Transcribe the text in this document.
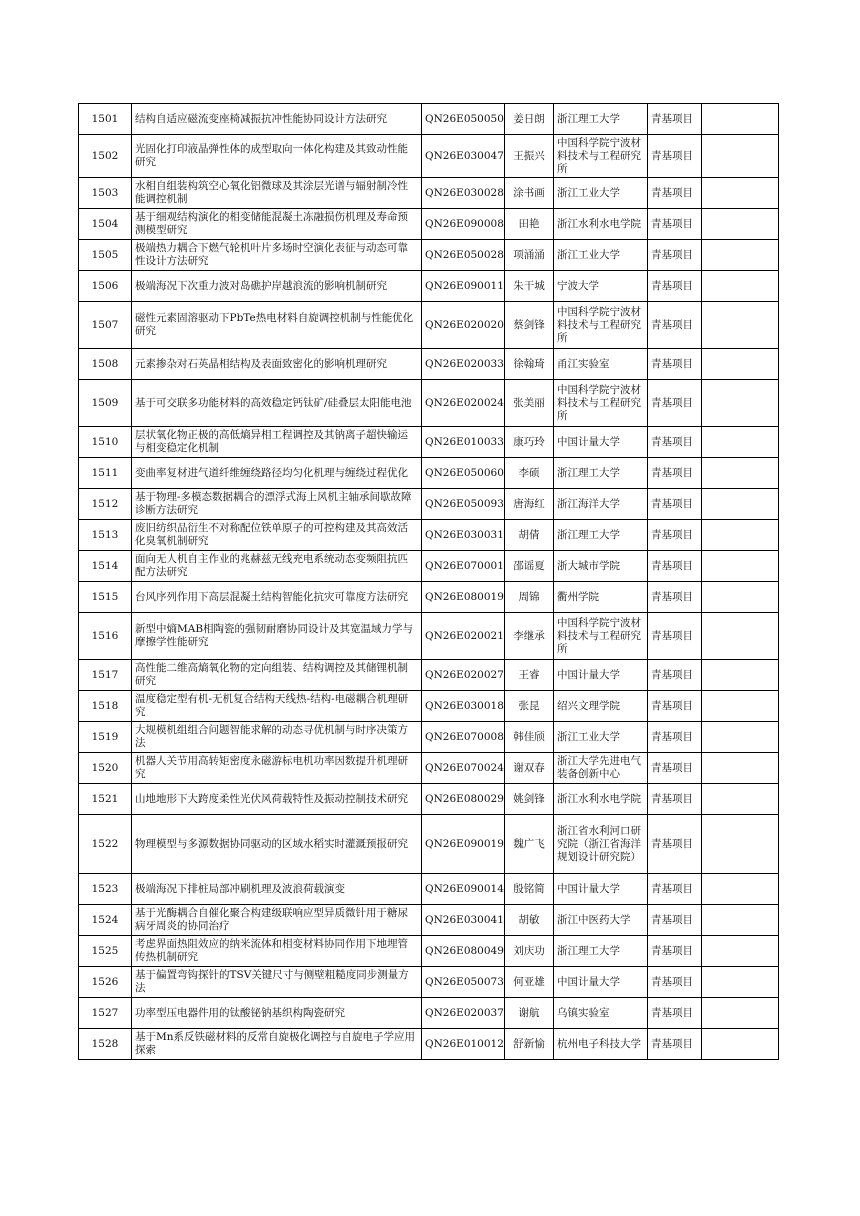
1501	结构自适应磁流变座椅减振抗冲性能协同设计方法研究	QN26E050050	姜日朗	浙江理工大学	青基项目	
1502	光固化打印液晶弹性体的成型取向一体化构建及其致动性能研究	QN26E030047	王振兴	中国科学院宁波材料技术与工程研究所	青基项目	
1503	水相自组装构筑空心氧化铝微球及其涂层光谱与辐射制冷性能调控机制	QN26E030028	涂书画	浙江工业大学	青基项目	
1504	基于细观结构演化的相变储能混凝土冻融损伤机理及寿命预测模型研究	QN26E090008	田艳	浙江水利水电学院	青基项目	
1505	极端热力耦合下燃气轮机叶片多场时空演化表征与动态可靠性设计方法研究	QN26E050028	项涌涌	浙江工业大学	青基项目	
1506	极端海况下次重力波对岛礁护岸越浪流的影响机制研究	QN26E090011	朱干城	宁波大学	青基项目	
1507	磁性元素固溶驱动下PbTe热电材料自旋调控机制与性能优化研究	QN26E020020	蔡剑锋	中国科学院宁波材料技术与工程研究所	青基项目	
1508	元素掺杂对石英晶相结构及表面致密化的影响机理研究	QN26E020033	徐翰琦	甬江实验室	青基项目	
1509	基于可交联多功能材料的高效稳定钙钛矿/硅叠层太阳能电池	QN26E020024	张美丽	中国科学院宁波材料技术与工程研究所	青基项目	
1510	层状氧化物正极的高低熵异相工程调控及其钠离子超快输运与相变稳定化机制	QN26E010033	康巧玲	中国计量大学	青基项目	
1511	变曲率复材进气道纤维缠绕路径均匀化机理与缠绕过程优化	QN26E050060	李硕	浙江理工大学	青基项目	
1512	基于物理-多模态数据耦合的漂浮式海上风机主轴承间歇故障诊断方法研究	QN26E050093	唐海红	浙江海洋大学	青基项目	
1513	废旧纺织品衍生不对称配位铁单原子的可控构建及其高效活化臭氧机制研究	QN26E030031	胡倩	浙江理工大学	青基项目	
1514	面向无人机自主作业的兆赫兹无线充电系统动态变频阻抗匹配方法研究	QN26E070001	邵谣夏	浙大城市学院	青基项目	
1515	台风序列作用下高层混凝土结构智能化抗灾可靠度方法研究	QN26E080019	周锦	衢州学院	青基项目	
1516	新型中熵MAB相陶瓷的强韧耐磨协同设计及其宽温域力学与摩擦学性能研究	QN26E020021	李继承	中国科学院宁波材料技术与工程研究所	青基项目	
1517	高性能二维高熵氧化物的定向组装、结构调控及其储锂机制研究	QN26E020027	王睿	中国计量大学	青基项目	
1518	温度稳定型有机-无机复合结构天线热-结构-电磁耦合机理研究	QN26E030018	张昆	绍兴文理学院	青基项目	
1519	大规模机组组合问题智能求解的动态寻优机制与时序决策方法	QN26E070008	韩佳颀	浙江工业大学	青基项目	
1520	机器人关节用高转矩密度永磁游标电机功率因数提升机理研究	QN26E070024	谢双春	浙江大学先进电气装备创新中心	青基项目	
1521	山地地形下大跨度柔性光伏风荷载特性及振动控制技术研究	QN26E080029	姚剑锋	浙江水利水电学院	青基项目	
1522	物理模型与多源数据协同驱动的区域水稻实时灌溉预报研究	QN26E090019	魏广飞	浙江省水利河口研究院（浙江省海洋规划设计研究院）	青基项目	
1523	极端海况下排桩局部冲刷机理及波浪荷载演变	QN26E090014	殷铭简	中国计量大学	青基项目	
1524	基于光酶耦合自催化聚合构建级联响应型异质微针用于糖尿病牙周炎的协同治疗	QN26E030041	胡敏	浙江中医药大学	青基项目	
1525	考虑界面热阻效应的纳米流体和相变材料协同作用下地埋管传热机制研究	QN26E080049	刘庆功	浙江理工大学	青基项目	
1526	基于偏置弯钩探针的TSV关键尺寸与侧壁粗糙度同步测量方法	QN26E050073	何亚雄	中国计量大学	青基项目	
1527	功率型压电器件用的钛酸铋钠基织构陶瓷研究	QN26E020037	谢航	乌镇实验室	青基项目	
1528	基于Mn系反铁磁材料的反常自旋极化调控与自旋电子学应用探索	QN26E010012	舒新愉	杭州电子科技大学	青基项目	
